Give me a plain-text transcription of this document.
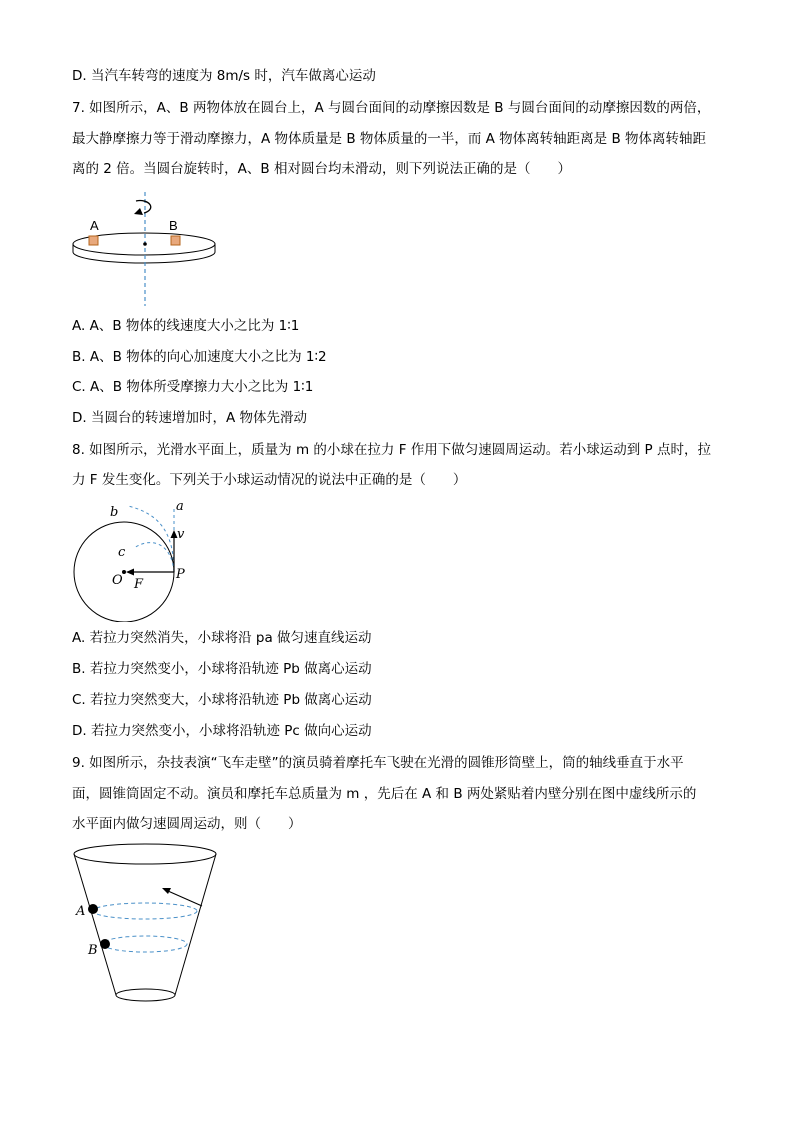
D. 当汽车转弯的速度为 8m/s 时，汽车做离心运动
7. 如图所示，A、B 两物体放在圆台上，A 与圆台面间的动摩擦因数是 B 与圆台面间的动摩擦因数的两倍，
最大静摩擦力等于滑动摩擦力，A 物体质量是 B 物体质量的一半，而 A 物体离转轴距离是 B 物体离转轴距
离的 2 倍。当圆台旋转时，A、B 相对圆台均未滑动，则下列说法正确的是（　　）
A	B
A. A、B 物体的线速度大小之比为 1∶1
B. A、B 物体的向心加速度大小之比为 1∶2
C. A、B 物体所受摩擦力大小之比为 1∶1
D. 当圆台的转速增加时，A 物体先滑动
8. 如图所示，光滑水平面上，质量为 m 的小球在拉力 F 作用下做匀速圆周运动。若小球运动到 P 点时，拉
力 F 发生变化。下列关于小球运动情况的说法中正确的是（　　）
a
b
c
v
O F
P
A. 若拉力突然消失，小球将沿 pa 做匀速直线运动
B. 若拉力突然变小，小球将沿轨迹 Pb 做离心运动
C. 若拉力突然变大，小球将沿轨迹 Pb 做离心运动
D. 若拉力突然变小，小球将沿轨迹 Pc 做向心运动
9. 如图所示，杂技表演“飞车走壁”的演员骑着摩托车飞驶在光滑的圆锥形筒壁上，筒的轴线垂直于水平
面，圆锥筒固定不动。演员和摩托车总质量为 m ，先后在 A 和 B 两处紧贴着内壁分别在图中虚线所示的
水平面内做匀速圆周运动，则（　　）
A
B
